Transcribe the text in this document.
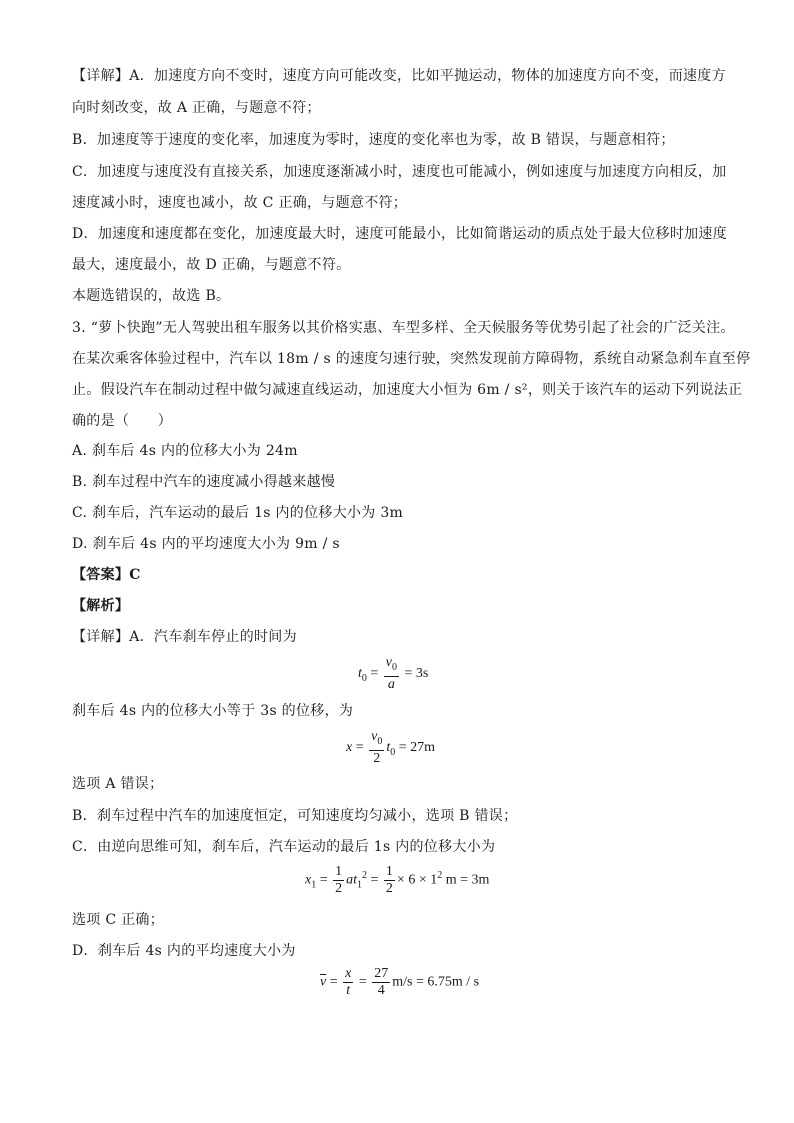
【详解】A．加速度方向不变时，速度方向可能改变，比如平抛运动，物体的加速度方向不变，而速度方
向时刻改变，故 A 正确，与题意不符；
B．加速度等于速度的变化率，加速度为零时，速度的变化率也为零，故 B 错误，与题意相符；
C．加速度与速度没有直接关系，加速度逐渐减小时，速度也可能减小，例如速度与加速度方向相反，加
速度减小时，速度也减小，故 C 正确，与题意不符；
D．加速度和速度都在变化，加速度最大时，速度可能最小，比如简谐运动的质点处于最大位移时加速度
最大，速度最小，故 D 正确，与题意不符。
本题选错误的，故选 B。
3. “萝卜快跑”无人驾驶出租车服务以其价格实惠、车型多样、全天候服务等优势引起了社会的广泛关注。
在某次乘客体验过程中，汽车以 18m / s 的速度匀速行驶，突然发现前方障碍物，系统自动紧急刹车直至停
止。假设汽车在制动过程中做匀减速直线运动，加速度大小恒为 6m / s²，则关于该汽车的运动下列说法正
确的是（　　）
A. 刹车后 4s 内的位移大小为 24m
B. 刹车过程中汽车的速度减小得越来越慢
C. 刹车后，汽车运动的最后 1s 内的位移大小为 3m
D. 刹车后 4s 内的平均速度大小为 9m / s
【答案】C
【解析】
【详解】A．汽车刹车停止的时间为
$t_0 = \frac{v_0}{a} = 3s$
刹车后 4s 内的位移大小等于 3s 的位移，为
$x = \frac{v_0}{2} t_0 = 27m$
选项 A 错误；
B．刹车过程中汽车的加速度恒定，可知速度均匀减小，选项 B 错误；
C．由逆向思维可知，刹车后，汽车运动的最后 1s 内的位移大小为
$x_1 = \frac{1}{2} at_1^2 = \frac{1}{2} \times 6 \times 1^2$ m = 3m
选项 C 正确；
D．刹车后 4s 内的平均速度大小为
$\overline{v} = \frac{x}{t} = \frac{27}{4} m/s = 6.75m / s$
